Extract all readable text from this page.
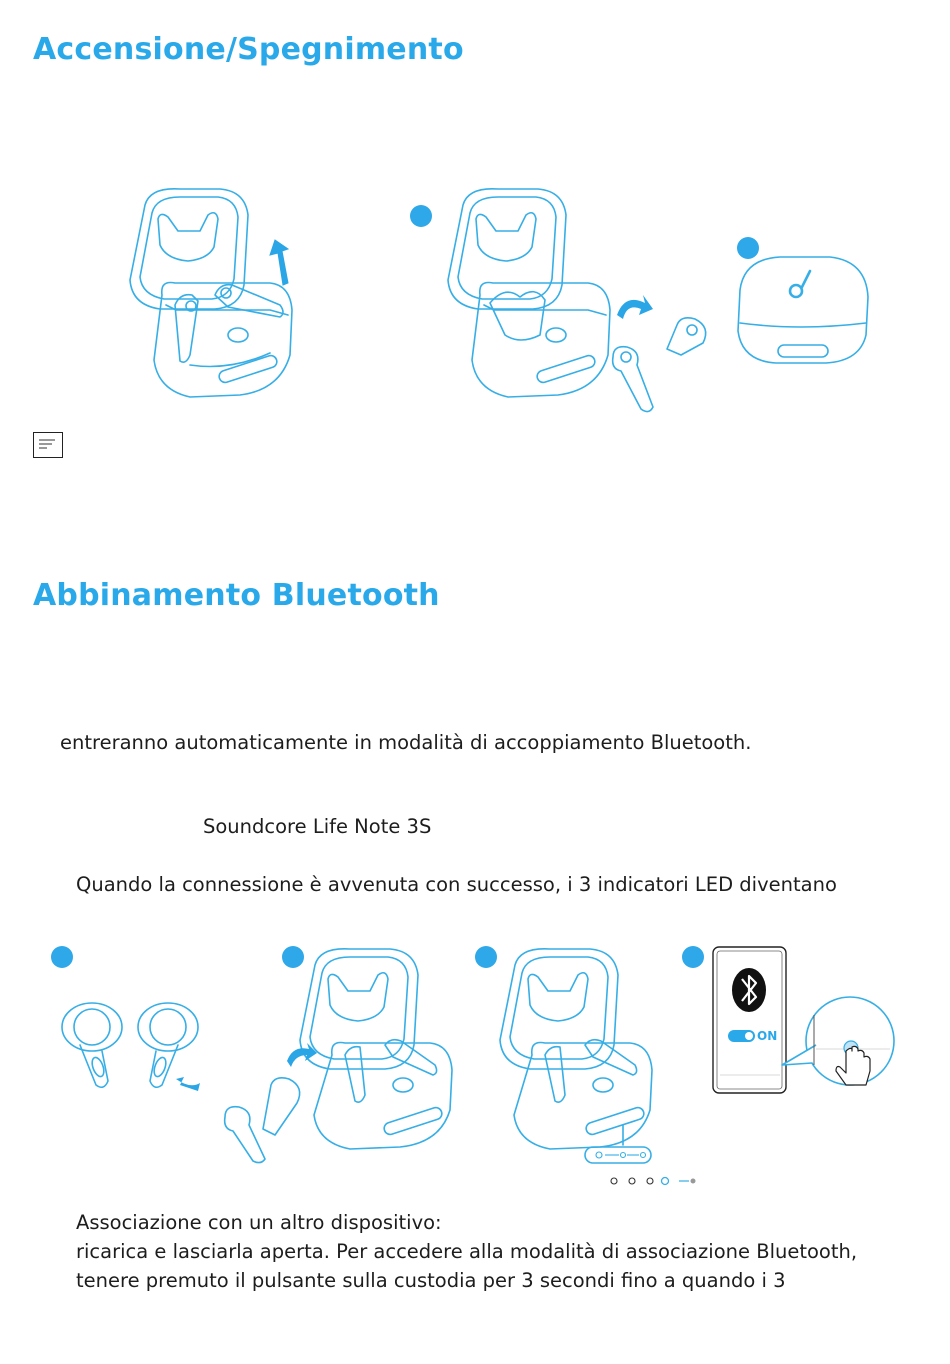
Accensione/Spegnimento
Abbinamento Bluetooth

entreranno automaticamente in modalità di accoppiamento Bluetooth.

Soundcore Life Note 3S

Quando la connessione è avvenuta con successo, i 3 indicatori LED diventano

ON

Associazione con un altro dispositivo:

ricarica e lasciarla aperta. Per accedere alla modalità di associazione Bluetooth,

tenere premuto il pulsante sulla custodia per 3 secondi fino a quando i 3
